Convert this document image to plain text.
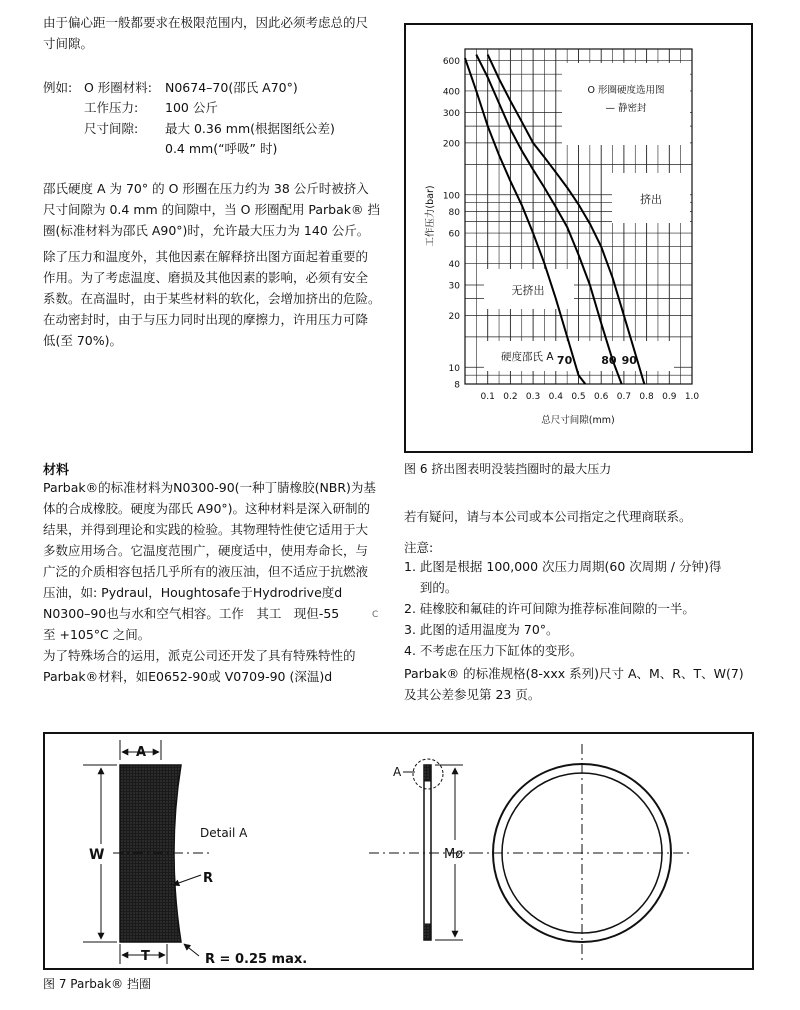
由于偏心距一般都要求在极限范围内，因此必须考虑总的尺
寸间隙。
例如: O 形圈材料: N0674–70(邵氏 A70°)
工作压力: 100 公斤
尺寸间隙: 最大 0.36 mm(根据图纸公差)
0.4 mm(“呼吸” 时)
邵氏硬度 A 为 70° 的 O 形圈在压力约为 38 公斤时被挤入
尺寸间隙为 0.4 mm 的间隙中，当 O 形圈配用 Parbak® 挡
圈(标准材料为邵氏 A90°)时，允许最大压力为 140 公斤。
除了压力和温度外，其他因素在解释挤出图方面起着重要的
作用。为了考虑温度、磨损及其他因素的影响，必须有安全
系数。在高温时，由于某些材料的软化，会增加挤出的危险。
在动密封时，由于与压力同时出现的摩擦力，许用压力可降
低(至 70%)。
材料
Parbak®的标准材料为N0300-90(一种丁腈橡胶(NBR)为基
体的合成橡胶。硬度为邵氏 A90°)。这种材料是深入研制的
结果，并得到理论和实践的检验。其物理特性使它适用于大
多数应用场合。它温度范围广，硬度适中，使用寿命长，与
广泛的介质相容包括几乎所有的液压油，但不适应于抗燃液
压油，如: Pydraul，Houghtosafe于Hydrodrive度d
N0300–90也与水和空气相容。工作　其工　现但-55
至 +105°C 之间。
C
为了特殊场合的运用，派克公司还开发了具有特殊特性的
Parbak®材料，如E0652-90或 V0709-90 (深温)d
O 形圈硬度选用图
— 静密封
挤出
无挤出
硬度邵氏 A 70	80 90
8
10
20
30
40
60
80
100
200
300
400
600
0.1 0.2 0.3 0.4 0.5 0.6 0.7 0.8 0.9 1.0
工作压力(bar)
总尺寸间隙(mm)
图 6 挤出图表明没装挡圈时的最大压力
若有疑问，请与本公司或本公司指定之代理商联系。
注意:
1. 此图是根据 100,000 次压力周期(60 次周期 / 分钟)得
到的。
2. 硅橡胶和氟硅的许可间隙为推荐标准间隙的一半。
3. 此图的适用温度为 70°。
4. 不考虑在压力下缸体的变形。
Parbak® 的标准规格(8-xxx 系列)尺寸 A、M、R、T、W(7)
及其公差参见第 23 页。
A
W
Detail A
R
T	R = 0.25 max.
A
Mø
图 7 Parbak® 挡圈
